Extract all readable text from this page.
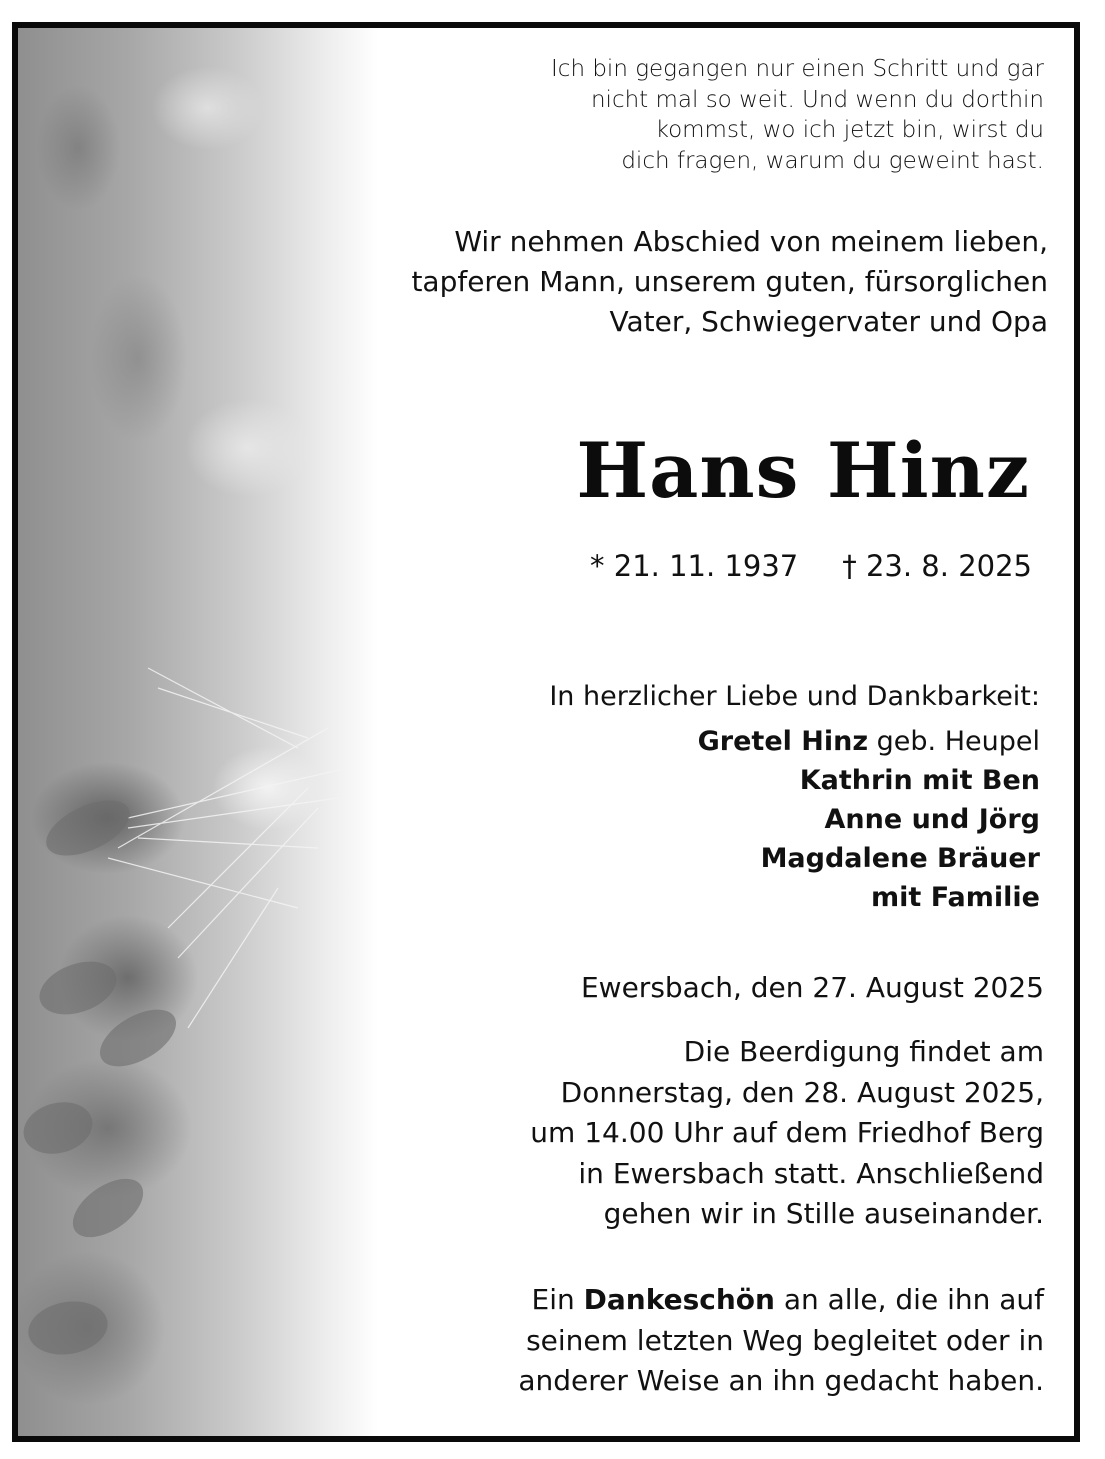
Ich bin gegangen nur einen Schritt und gar
nicht mal so weit. Und wenn du dorthin
kommst, wo ich jetzt bin, wirst du
dich fragen, warum du geweint hast.
Wir nehmen Abschied von meinem lieben,
tapferen Mann, unserem guten, fürsorglichen
Vater, Schwiegervater und Opa
Hans Hinz
* 21. 11. 1937 † 23. 8. 2025
In herzlicher Liebe und Dankbarkeit:
Gretel Hinz geb. Heupel
Kathrin mit Ben
Anne und Jörg
Magdalene Bräuer
mit Familie
Ewersbach, den 27. August 2025
Die Beerdigung findet am
Donnerstag, den 28. August 2025,
um 14.00 Uhr auf dem Friedhof Berg
in Ewersbach statt. Anschließend
gehen wir in Stille auseinander.
Ein Dankeschön an alle, die ihn auf
seinem letzten Weg begleitet oder in
anderer Weise an ihn gedacht haben.
